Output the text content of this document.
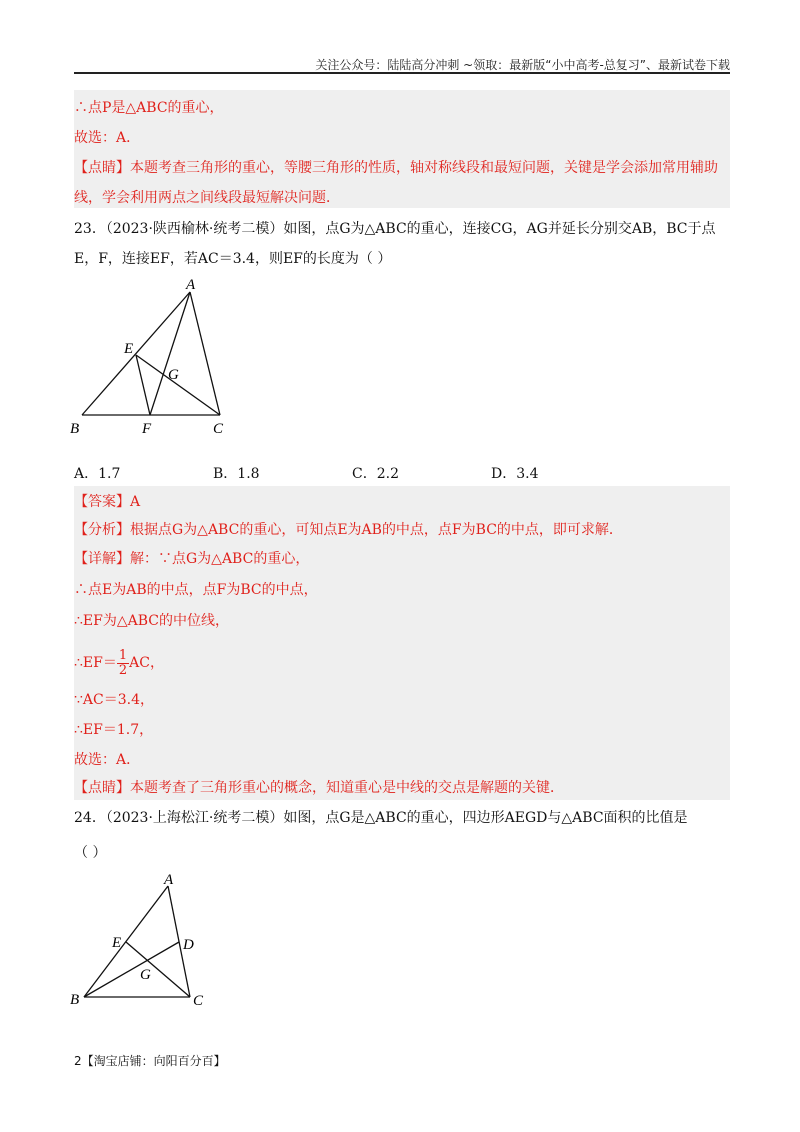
关注公众号：陆陆高分冲刺 ~领取：最新版“小中高考-总复习”、最新试卷下载
∴点P是△ABC的重心，
故选：A．
【点睛】本题考查三角形的重心，等腰三角形的性质，轴对称线段和最短问题，关键是学会添加常用辅助
线，学会利用两点之间线段最短解决问题．
23．（2023·陕西榆林·统考二模）如图，点G为△ABC的重心，连接CG，AG并延长分别交AB，BC于点
E，F，连接EF，若AC＝3.4，则EF的长度为（ ）
A
B	C
E
F
G
A．1.7	B．1.8	C．2.2	D．3.4
【答案】A
【分析】根据点G为△ABC的重心，可知点E为AB的中点，点F为BC的中点，即可求解．
【详解】解：∵点G为△ABC的重心，
∴点E为AB的中点，点F为BC的中点，
∴EF为△ABC的中位线，
∴EF＝ $\frac{1}{2}$ AC，
∵AC＝3.4，
∴EF＝1.7，
故选：A．
【点睛】本题考查了三角形重心的概念，知道重心是中线的交点是解题的关键．
24．（2023·上海松江·统考二模）如图，点G是△ABC的重心，四边形AEGD与△ABC面积的比值是
（ ）
A
B	C
D
E
G
2【淘宝店铺：向阳百分百】
